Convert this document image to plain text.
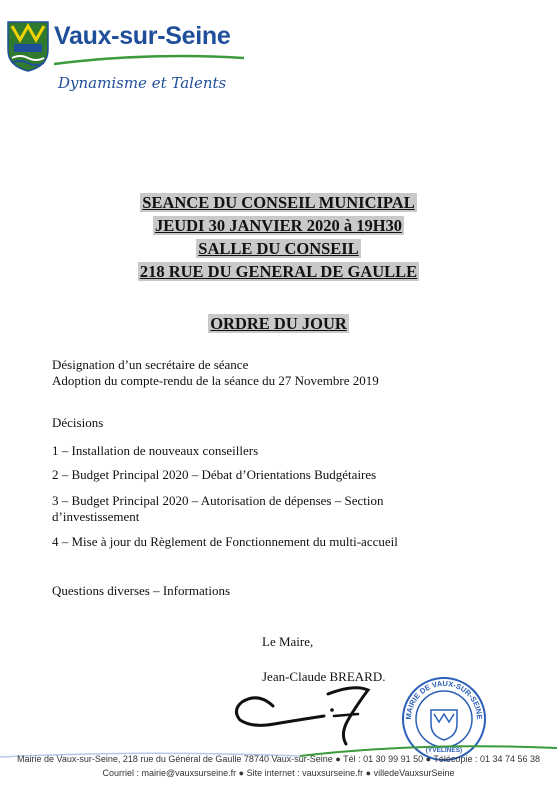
Vaux-sur-Seine
Dynamisme et Talents
SEANCE DU CONSEIL MUNICIPAL
JEUDI 30 JANVIER 2020 à 19H30
SALLE DU CONSEIL
218 RUE DU GENERAL DE GAULLE
ORDRE DU JOUR
Désignation d’un secrétaire de séance
Adoption du compte-rendu de la séance du 27 Novembre 2019
Décisions
1 – Installation de nouveaux conseillers
2 – Budget Principal 2020 – Débat d’Orientations Budgétaires
3 – Budget Principal 2020 – Autorisation de dépenses – Section
d’investissement
4 – Mise à jour du Règlement de Fonctionnement du multi-accueil
Questions diverses – Informations
Le Maire,
Jean-Claude BREARD.
MAIRIE DE VAUX-SUR-SEINE
(YVELINES)
Mairie de Vaux-sur-Seine, 218 rue du Général de Gaulle 78740 Vaux-sur-Seine ● Tél : 01 30 99 91 50 ● Télécopie : 01 34 74 56 38
Courriel : mairie@vauxsurseine.fr ● Site internet : vauxsurseine.fr ● villedeVauxsurSeine
